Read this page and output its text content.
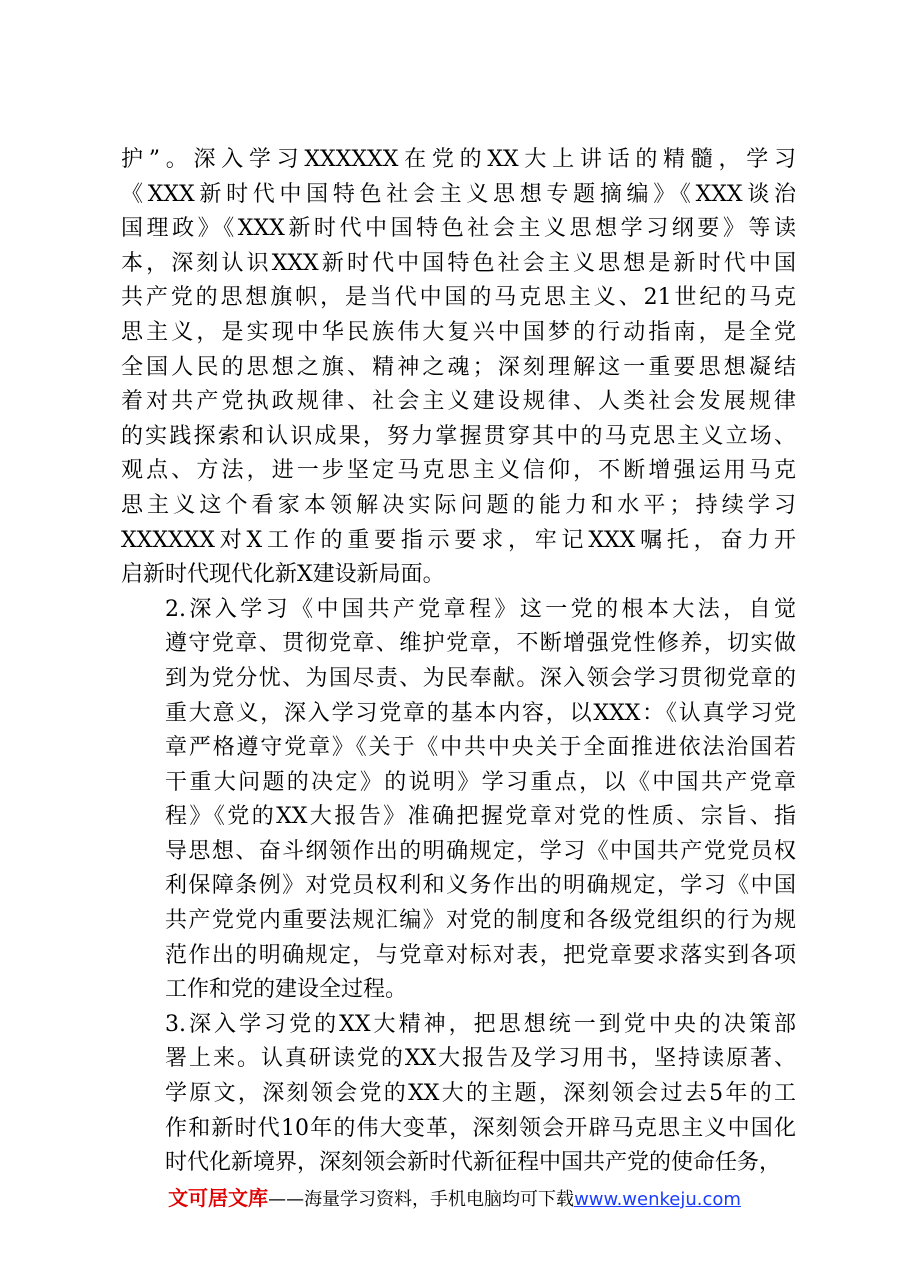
护”。深入学习XXXXXX在党的XX大上讲话的精髓，学习
《XXX新时代中国特色社会主义思想专题摘编》《XXX谈治
国理政》《XXX新时代中国特色社会主义思想学习纲要》等读
本，深刻认识XXX新时代中国特色社会主义思想是新时代中国
共产党的思想旗帜，是当代中国的马克思主义、21世纪的马克
思主义，是实现中华民族伟大复兴中国梦的行动指南，是全党
全国人民的思想之旗、精神之魂；深刻理解这一重要思想凝结
着对共产党执政规律、社会主义建设规律、人类社会发展规律
的实践探索和认识成果，努力掌握贯穿其中的马克思主义立场、
观点、方法，进一步坚定马克思主义信仰，不断增强运用马克
思主义这个看家本领解决实际问题的能力和水平；持续学习
XXXXXX对X工作的重要指示要求，牢记XXX嘱托，奋力开
启新时代现代化新X建设新局面。

2.深入学习《中国共产党章程》这一党的根本大法，自觉
遵守党章、贯彻党章、维护党章，不断增强党性修养，切实做
到为党分忧、为国尽责、为民奉献。深入领会学习贯彻党章的
重大意义，深入学习党章的基本内容，以XXX：《认真学习党
章严格遵守党章》《关于《中共中央关于全面推进依法治国若
干重大问题的决定》的说明》学习重点，以《中国共产党章
程》《党的XX大报告》准确把握党章对党的性质、宗旨、指
导思想、奋斗纲领作出的明确规定，学习《中国共产党党员权
利保障条例》对党员权利和义务作出的明确规定，学习《中国
共产党党内重要法规汇编》对党的制度和各级党组织的行为规
范作出的明确规定，与党章对标对表，把党章要求落实到各项
工作和党的建设全过程。

3.深入学习党的XX大精神，把思想统一到党中央的决策部
署上来。认真研读党的XX大报告及学习用书，坚持读原著、
学原文，深刻领会党的XX大的主题，深刻领会过去5年的工
作和新时代10年的伟大变革，深刻领会开辟马克思主义中国化
时代化新境界，深刻领会新时代新征程中国共产党的使命任务，

文可居文库——海量学习资料，手机电脑均可下载www.wenkeju.com
